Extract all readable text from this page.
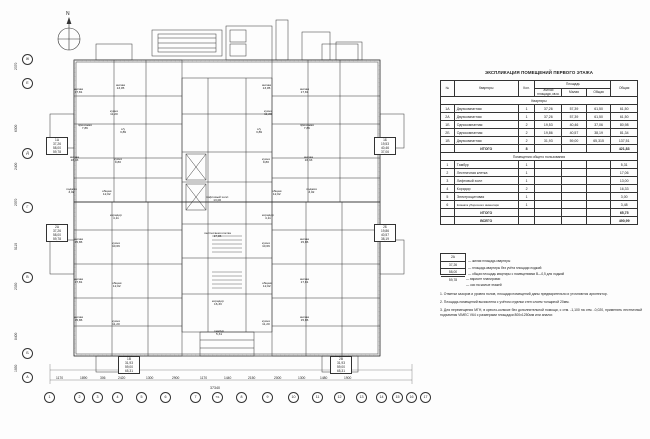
N
1	2	3	4	5	6	7	7/1	8	9	10	11	12	13	14	15	16	17
Ж
Е
Д
Г
В
Б
А	1170	1890	306	2420	1300	2900	1170	1440	2150	2000	1300	1480	1900
37340
2370
6300
2400
2070
5110
2330
8400
1930
жилая
17,81
жилая
13,05
кухня
11,20
прихожая
7,86	с/у
3,89
жилая
16,33	кухня
9,80
лоджия
3,02	общая
12,02
коридор
4,11
жилая
15,86	кухня
10,66
жилая
17,81
жилая
13,05
кухня
11,20
прихожая
7,86
с/у
3,89
жилая
16,33
кухня
9,80
лоджия
3,02
общая
12,02
коридор
4,11
жилая
15,86
кухня
10,66
жилая
17,81	общая
12,02
жилая
15,86	кухня
11,20
жилая
17,81
общая
12,02
жилая
15,86
кухня
11,20
лифтовый холл
13,00
лестничная клетка
17,06
тамбур
5,31
коридор
16,33
1А
37,26
58,00
59,78
2А
37,26
58,00
59,78
1Б
19,53
40,46
37,06
2Б
19,86
40,57
38,19
1В
31,93
59,00
65,31
2В
31,93
59,00
65,31
ЭКСПЛИКАЦИЯ ПОМЕЩЕНИЙ ПЕРВОГО ЭТАЖА
№	Квартиры	Кол.	Площадь			Общая
			Жилой площади, кв.м.	Малая	Общая	
Квартиры						
1А	Двухкомнатная	1	37,26	57,39	61,50	61,50
2А	Двухкомнатная	1	37,26	57,39	61,50	61,50
1Б	Однокомнатная	2	19,53	40,46	37,06	80,98
2Б	Однокомнатная	2	19,86	40,57	38,19	81,34
1В	Двухкомнатная	2	31,93	59,00	65,315	137,51
	ИТОГО	8				421,83
Помещения общего пользования						
1	Тамбур	1				5,31
2	Лестничная клетка	1				17,06
3	Лифтовый холл	1				13,00
4	Коридор	2				16,33
5	Электрощитовая	1				3,00
6	Комната уборочного инвентаря	1				3,48
	ИТОГО					65,75
	ВСЕГО					490,99
2А
37,26
58,00
59,78
— жилая площадь квартиры
— площадь квартиры без учёта площади лоджий
— общая площадь квартиры с помещениями В—0,5 для лоджий
— вариант планировки
— оси на жилые этажей

1. Отметки зазоров и уровня полов, площади помещений даны предварительно и уточняются архитектор.

2. Площадь помещений вычислена с учётом отделки стен слоем толщиной 20мм.

3. Для перемещения МГН, в кресло-коляске без дополнительной помощи, с отм. -1,100 на отм. -0,020, применять лестничный подъемник VIMEC V64 с размерами площадки 800х1250мм или аналог.
